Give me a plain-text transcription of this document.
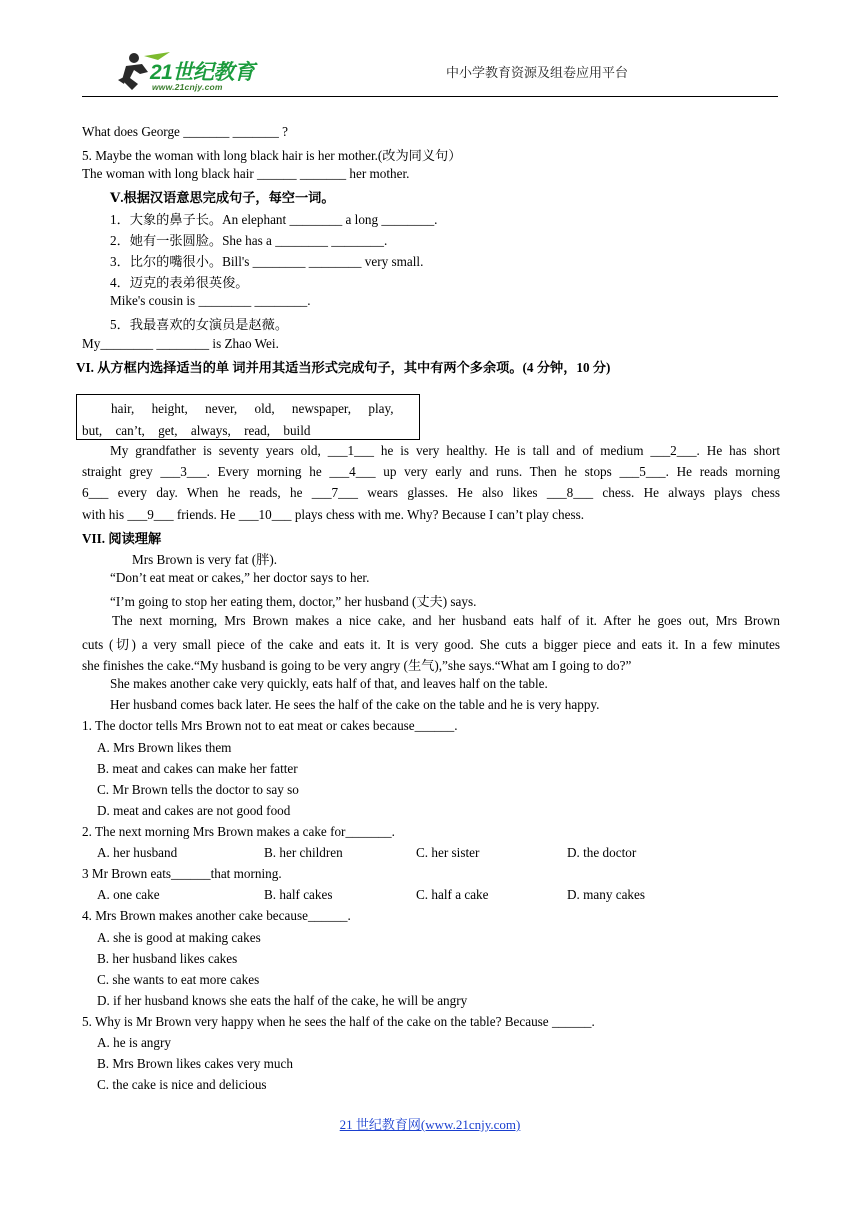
21世纪教育
www.21cnjy.com
中小学教育资源及组卷应用平台
What does George _______ _______ ?
5. Maybe the woman with long black hair is her mother.(改为同义句）
The woman with long black hair ______ _______ her mother.
Ⅴ.根据汉语意思完成句子，每空一词。
1．大象的鼻子长。An elephant ________ a long ________.
2．她有一张圆脸。She has a ________ ________.
3．比尔的嘴很小。Bill's ________ ________ very small.
4．迈克的表弟很英俊。
Mike's cousin is ________ ________.
5．我最喜欢的女演员是赵薇。
My________ ________ is Zhao Wei.
VI. 从方框内选择适当的单 词并用其适当形式完成句子，其中有两个多余项。(4 分钟，10 分)
hair, height, never, old, newspaper, play,
but, can’t, get, always, read, build
My grandfather is seventy years old, ___1___ he is very healthy. He is tall and of medium ___2___. He has short
straight grey ___3___. Every morning he ___4___ up very early and runs. Then he stops ___5___. He reads morning
6___ every day. When he reads, he ___7___ wears glasses. He also likes ___8___ chess. He always plays chess
with his ___9___ friends. He ___10___ plays chess with me. Why? Because I can’t play chess.
VII. 阅读理解
Mrs Brown is very fat (胖).
“Don’t eat meat or cakes,” her doctor says to her.
“I’m going to stop her eating them, doctor,” her husband (丈夫) says.
The next morning, Mrs Brown makes a nice cake, and her husband eats half of it. After he goes out, Mrs Brown
cuts (切) a very small piece of the cake and eats it. It is very good. She cuts a bigger piece and eats it. In a few minutes
she finishes the cake.“My husband is going to be very angry (生气),”she says.“What am I going to do?”
She makes another cake very quickly, eats half of that, and leaves half on the table.
Her husband comes back later. He sees the half of the cake on the table and he is very happy.
1. The doctor tells Mrs Brown not to eat meat or cakes because______.
A. Mrs Brown likes them
B. meat and cakes can make her fatter
C. Mr Brown tells the doctor to say so
D. meat and cakes are not good food
2. The next morning Mrs Brown makes a cake for_______.
A. her husband	B. her children	C. her sister	D. the doctor
3 Mr Brown eats______that morning.
A. one cake	B. half cakes	C. half a cake	D. many cakes
4. Mrs Brown makes another cake because______.
A. she is good at making cakes
B. her husband likes cakes
C. she wants to eat more cakes
D. if her husband knows she eats the half of the cake, he will be angry
5. Why is Mr Brown very happy when he sees the half of the cake on the table? Because ______.
A. he is angry
B. Mrs Brown likes cakes very much
C. the cake is nice and delicious
21 世纪教育网(www.21cnjy.com)
